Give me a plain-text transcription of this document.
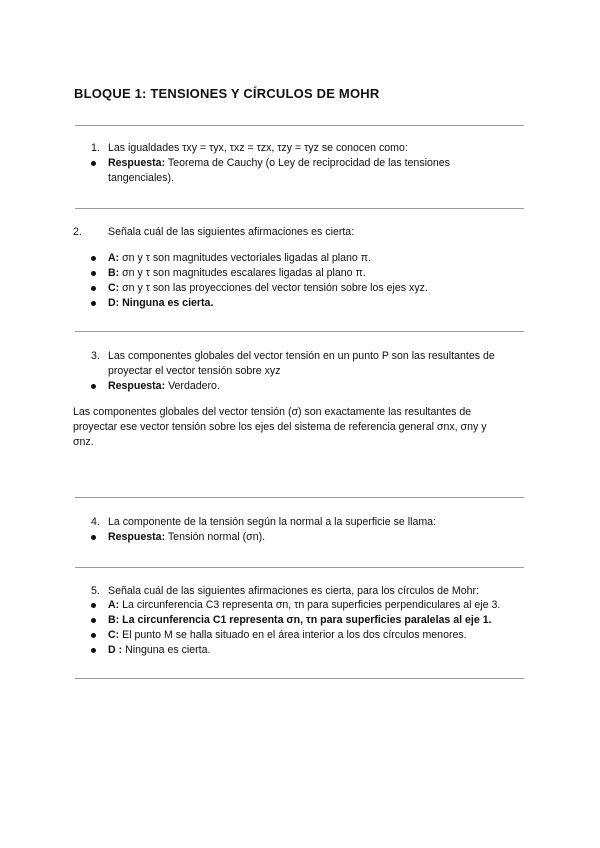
BLOQUE 1: TENSIONES Y CÍRCULOS DE MOHR
1. Las igualdades τxy = τyx, τxz = τzx, τzy = τyz se conocen como:
Respuesta: Teorema de Cauchy (o Ley de reciprocidad de las tensiones
tangenciales).
2. Señala cuál de las siguientes afirmaciones es cierta:
A: σn y τ son magnitudes vectoriales ligadas al plano π.
B: σn y τ son magnitudes escalares ligadas al plano π.
C: σn y τ son las proyecciones del vector tensión sobre los ejes xyz.
D: Ninguna es cierta.
3. Las componentes globales del vector tensión en un punto P son las resultantes de
proyectar el vector tensión sobre xyz
Respuesta: Verdadero.
Las componentes globales del vector tensión (σ) son exactamente las resultantes de
proyectar ese vector tensión sobre los ejes del sistema de referencia general σnx, σny y
σnz.
4. La componente de la tensión según la normal a la superficie se llama:
Respuesta: Tensión normal (σn).
5. Señala cuál de las siguientes afirmaciones es cierta, para los círculos de Mohr:
A: La circunferencia C3 representa σn, τn para superficies perpendiculares al eje 3.
B: La circunferencia C1 representa σn, τn para superficies paralelas al eje 1.
C: El punto M se halla situado en el área interior a los dos círculos menores.
D : Ninguna es cierta.
